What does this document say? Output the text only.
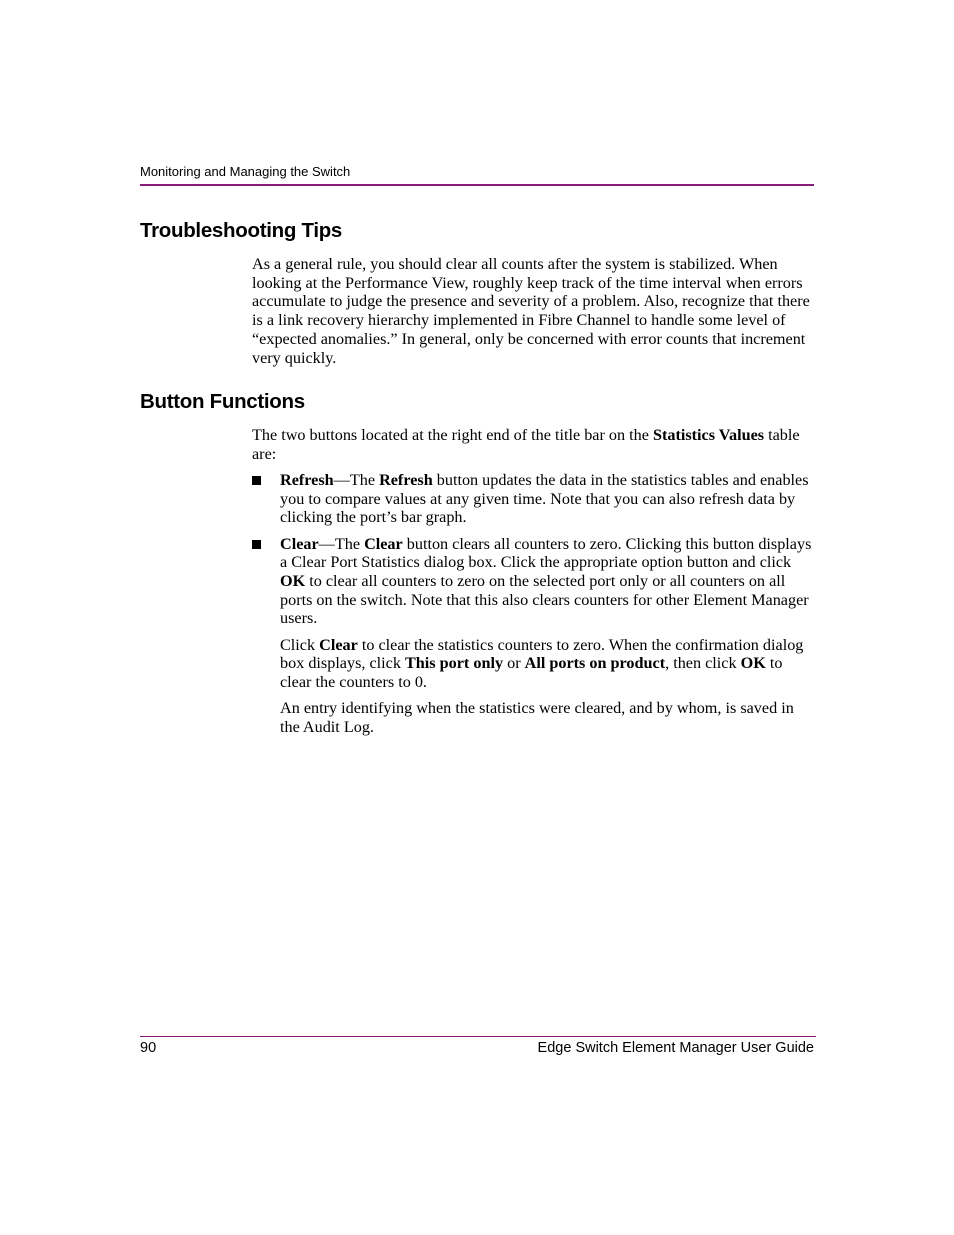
Monitoring and Managing the Switch
Troubleshooting Tips

As a general rule, you should clear all counts after the system is stabilized. When looking at the Performance View, roughly keep track of the time interval when errors accumulate to judge the presence and severity of a problem. Also, recognize that there is a link recovery hierarchy implemented in Fibre Channel to handle some level of “expected anomalies.” In general, only be concerned with error counts that increment very quickly.

Button Functions

The two buttons located at the right end of the title bar on the Statistics Values table are:

Refresh—The Refresh button updates the data in the statistics tables and enables you to compare values at any given time. Note that you can also refresh data by clicking the port’s bar graph.
Clear—The Clear button clears all counters to zero. Clicking this button displays a Clear Port Statistics dialog box. Click the appropriate option button and click OK to clear all counters to zero on the selected port only or all counters on all ports on the switch. Note that this also clears counters for other Element Manager users.

Click Clear to clear the statistics counters to zero. When the confirmation dialog box displays, click This port only or All ports on product, then click OK to clear the counters to 0.

An entry identifying when the statistics were cleared, and by whom, is saved in the Audit Log.

90	Edge Switch Element Manager User Guide
